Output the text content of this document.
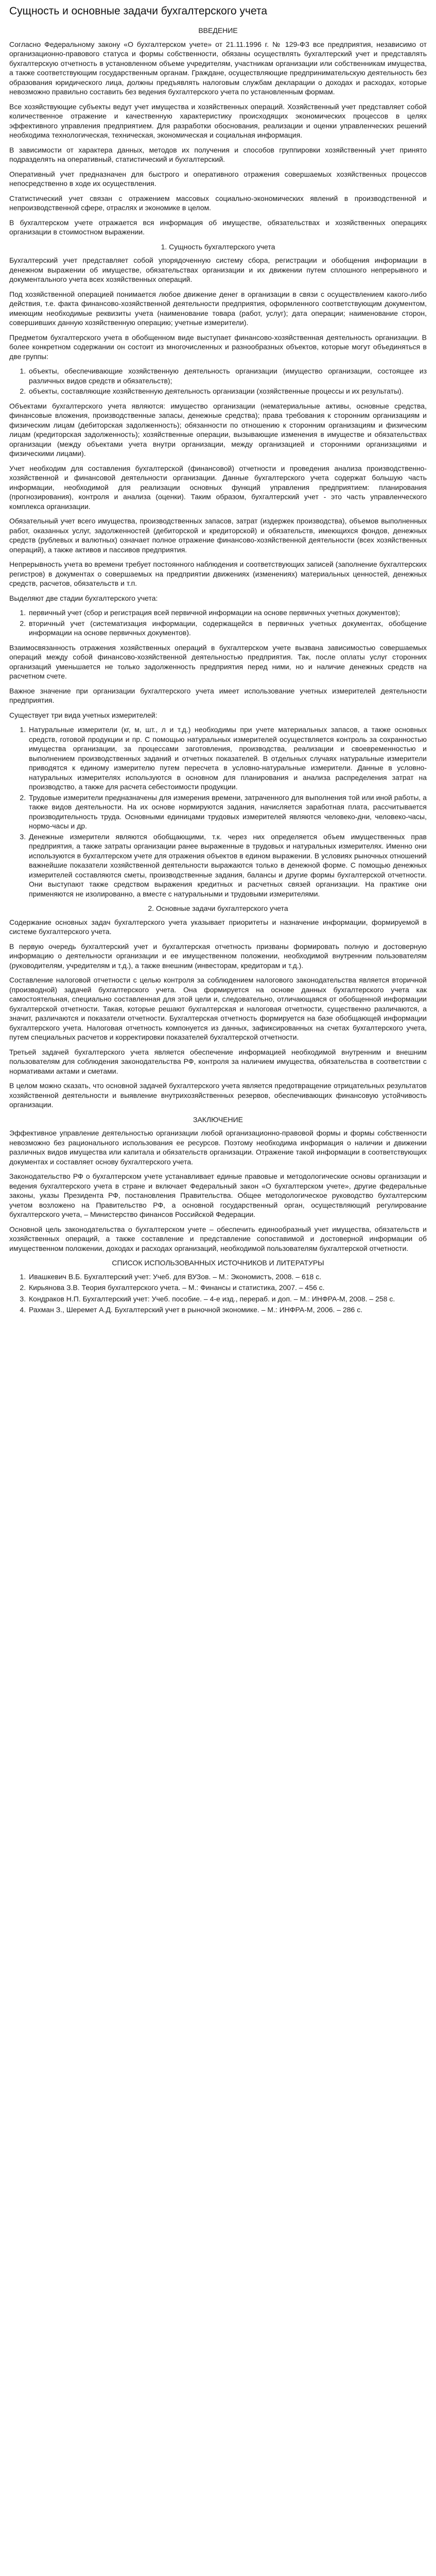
Сущность и основные задачи бухгалтерского учета
ВВЕДЕНИЕ

Согласно Федеральному закону «О бухгалтерском учете» от 21.11.1996 г. № 129-ФЗ все предприятия, независимо от организационно-правового статуса и формы собственности, обязаны осуществлять бухгалтерский учет и представлять бухгалтерскую отчетность в установленном объеме учредителям, участникам организации или собственникам имущества, а также соответствующим государственным органам. Граждане, осуществляющие предпринимательскую деятельность без образования юридического лица, должны предъявлять налоговым службам декларации о доходах и расходах, которые невозможно правильно составить без ведения бухгалтерского учета по установленным формам.

Все хозяйствующие субъекты ведут учет имущества и хозяйственных операций. Хозяйственный учет представляет собой количественное отражение и качественную характеристику происходящих экономических процессов в целях эффективного управления предприятием. Для разработки обоснования, реализации и оценки управленческих решений необходима технологическая, техническая, экономическая и социальная информация.

В зависимости от характера данных, методов их получения и способов группировки хозяйственный учет принято подразделять на оперативный, статистический и бухгалтерский.

Оперативный учет предназначен для быстрого и оперативного отражения совершаемых хозяйственных процессов непосредственно в ходе их осуществления.

Статистический учет связан с отражением массовых социально-экономических явлений в производственной и непроизводственной сфере, отраслях и экономике в целом.

В бухгалтерском учете отражается вся информация об имуществе, обязательствах и хозяйственных операциях организации в стоимостном выражении.

1. Сущность бухгалтерского учета

Бухгалтерский учет представляет собой упорядоченную систему сбора, регистрации и обобщения информации в денежном выражении об имуществе, обязательствах организации и их движении путем сплошного непрерывного и документального учета всех хозяйственных операций.

Под хозяйственной операцией понимается любое движение денег в организации в связи с осуществлением какого-либо действия, т.е. факта финансово-хозяйственной деятельности предприятия, оформленного соответствующим документом, имеющим необходимые реквизиты учета (наименование товара (работ, услуг); дата операции; наименование сторон, совершивших данную хозяйственную операцию; учетные измерители).

Предметом бухгалтерского учета в обобщенном виде выступает финансово-хозяйственная деятельность организации. В более конкретном содержании он состоит из многочисленных и разнообразных объектов, которые могут объединяться в две группы:

1. объекты, обеспечивающие хозяйственную деятельность организации (имущество организации, состоящее из различных видов средств и обязательств);
2. объекты, составляющие хозяйственную деятельность организации (хозяйственные процессы и их результаты).

Объектами бухгалтерского учета являются: имущество организации (нематериальные активы, основные средства, финансовые вложения, производственные запасы, денежные средства); права требования к сторонним организациям и физическим лицам (дебиторская задолженность); обязанности по отношению к сторонним организациям и физическим лицам (кредиторская задолженность); хозяйственные операции, вызывающие изменения в имуществе и обязательствах организации (между объектами учета внутри организации, между организацией и сторонними организациями и физическими лицами).

Учет необходим для составления бухгалтерской (финансовой) отчетности и проведения анализа производственно-хозяйственной и финансовой деятельности организации. Данные бухгалтерского учета содержат большую часть информации, необходимой для реализации основных функций управления предприятием: планирования (прогнозирования), контроля и анализа (оценки). Таким образом, бухгалтерский учет - это часть управленческого комплекса организации.

Обязательный учет всего имущества, производственных запасов, затрат (издержек производства), объемов выполненных работ, оказанных услуг, задолженностей (дебиторской и кредиторской) и обязательств, имеющихся фондов, денежных средств (рублевых и валютных) означает полное отражение финансово-хозяйственной деятельности (всех хозяйственных операций), а также активов и пассивов предприятия.

Непрерывность учета во времени требует постоянного наблюдения и соответствующих записей (заполнение бухгалтерских регистров) в документах о совершаемых на предприятии движениях (изменениях) материальных ценностей, денежных средств, расчетов, обязательств и т.п.

Выделяют две стадии бухгалтерского учета:

1. первичный учет (сбор и регистрация всей первичной информации на основе первичных учетных документов);
2. вторичный учет (систематизация информации, содержащейся в первичных учетных документах, обобщение информации на основе первичных документов).

Взаимосвязанность отражения хозяйственных операций в бухгалтерском учете вызвана зависимостью совершаемых операций между собой финансово-хозяйственной деятельностью предприятия. Так, после оплаты услуг сторонних организаций уменьшается не только задолженность предприятия перед ними, но и наличие денежных средств на расчетном счете.

Важное значение при организации бухгалтерского учета имеет использование учетных измерителей деятельности предприятия.

Существует три вида учетных измерителей:

1. Натуральные измерители (кг, м, шт., л и т.д.) необходимы при учете материальных запасов, а также основных средств, готовой продукции и пр. С помощью натуральных измерителей осуществляется контроль за сохранностью имущества организации, за процессами заготовления, производства, реализации и своевременностью и выполнением производственных заданий и отчетных показателей. В отдельных случаях натуральные измерители приводятся к единому измерителю путем пересчета в условно-натуральные измерители. Данные в условно-натуральных измерителях используются в основном для планирования и анализа распределения затрат на производство, а также для расчета себестоимости продукции.
2. Трудовые измерители предназначены для измерения времени, затраченного для выполнения той или иной работы, а также видов деятельности. На их основе нормируются задания, начисляется заработная плата, рассчитывается производительность труда. Основными единицами трудовых измерителей являются человеко-дни, человеко-часы, нормо-часы и др.
3. Денежные измерители являются обобщающими, т.к. через них определяется объем имущественных прав предприятия, а также затраты организации ранее выраженные в трудовых и натуральных измерителях. Именно они используются в бухгалтерском учете для отражения объектов в едином выражении. В условиях рыночных отношений важнейшие показатели хозяйственной деятельности выражаются только в денежной форме. С помощью денежных измерителей составляются сметы, производственные задания, балансы и другие формы бухгалтерской отчетности. Они выступают также средством выражения кредитных и расчетных связей организации. На практике они применяются не изолированно, а вместе с натуральными и трудовыми измерителями.
2. Основные задачи бухгалтерского учета

Содержание основных задач бухгалтерского учета указывает приоритеты и назначение информации, формируемой в системе бухгалтерского учета.

В первую очередь бухгалтерский учет и бухгалтерская отчетность призваны формировать полную и достоверную информацию о деятельности организации и ее имущественном положении, необходимой внутренним пользователям (руководителям, учредителям и т.д.), а также внешним (инвесторам, кредиторам и т.д.).

Составление налоговой отчетности с целью контроля за соблюдением налогового законодательства является вторичной (производной) задачей бухгалтерского учета. Она формируется на основе данных бухгалтерского учета как самостоятельная, специально составленная для этой цели и, следовательно, отличающаяся от обобщенной информации бухгалтерской отчетности. Такая, которые решают бухгалтерская и налоговая отчетности, существенно различаются, а значит, различаются и показатели отчетности. Бухгалтерская отчетность формируется на базе обобщающей информации бухгалтерского учета. Налоговая отчетность компонуется из данных, зафиксированных на счетах бухгалтерского учета, путем специальных расчетов и корректировки показателей бухгалтерской отчетности.

Третьей задачей бухгалтерского учета является обеспечение информацией необходимой внутренним и внешним пользователям для соблюдения законодательства РФ, контроля за наличием имущества, обязательства в соответствии с нормативами актами и сметами.

В целом можно сказать, что основной задачей бухгалтерского учета является предотвращение отрицательных результатов хозяйственной деятельности и выявление внутрихозяйственных резервов, обеспечивающих финансовую устойчивость организации.

ЗАКЛЮЧЕНИЕ

Эффективное управление деятельностью организации любой организационно-правовой формы и формы собственности невозможно без рационального использования ее ресурсов. Поэтому необходима информация о наличии и движении различных видов имущества или капитала и обязательств организации. Отражение такой информации в соответствующих документах и составляет основу бухгалтерского учета.

Законодательство РФ о бухгалтерском учете устанавливает единые правовые и методологические основы организации и ведения бухгалтерского учета в стране и включает Федеральный закон «О бухгалтерском учете», другие федеральные законы, указы Президента РФ, постановления Правительства. Общее методологическое руководство бухгалтерским учетом возложено на Правительство РФ, а основной государственный орган, осуществляющий регулирование бухгалтерского учета, – Министерство финансов Российской Федерации.

Основной цель законодательства о бухгалтерском учете – обеспечить единообразный учет имущества, обязательств и хозяйственных операций, а также составление и представление сопоставимой и достоверной информации об имущественном положении, доходах и расходах организаций, необходимой пользователям бухгалтерской отчетности.

СПИСОК ИСПОЛЬЗОВАННЫХ ИСТОЧНИКОВ И ЛИТЕРАТУРЫ
1. Ивашкевич В.Б. Бухгалтерский учет: Учеб. для ВУЗов. – М.: Экономистъ, 2008. – 618 с.
2. Кирьянова З.В. Теория бухгалтерского учета. – М.: Финансы и статистика, 2007. – 456 с.
3. Кондраков Н.П. Бухгалтерский учет: Учеб. пособие. – 4-е изд., перераб. и доп. – М.: ИНФРА-М, 2008. – 258 с.
4. Рахман З., Шеремет А.Д. Бухгалтерский учет в рыночной экономике. – М.: ИНФРА-М, 2006. – 286 с.
